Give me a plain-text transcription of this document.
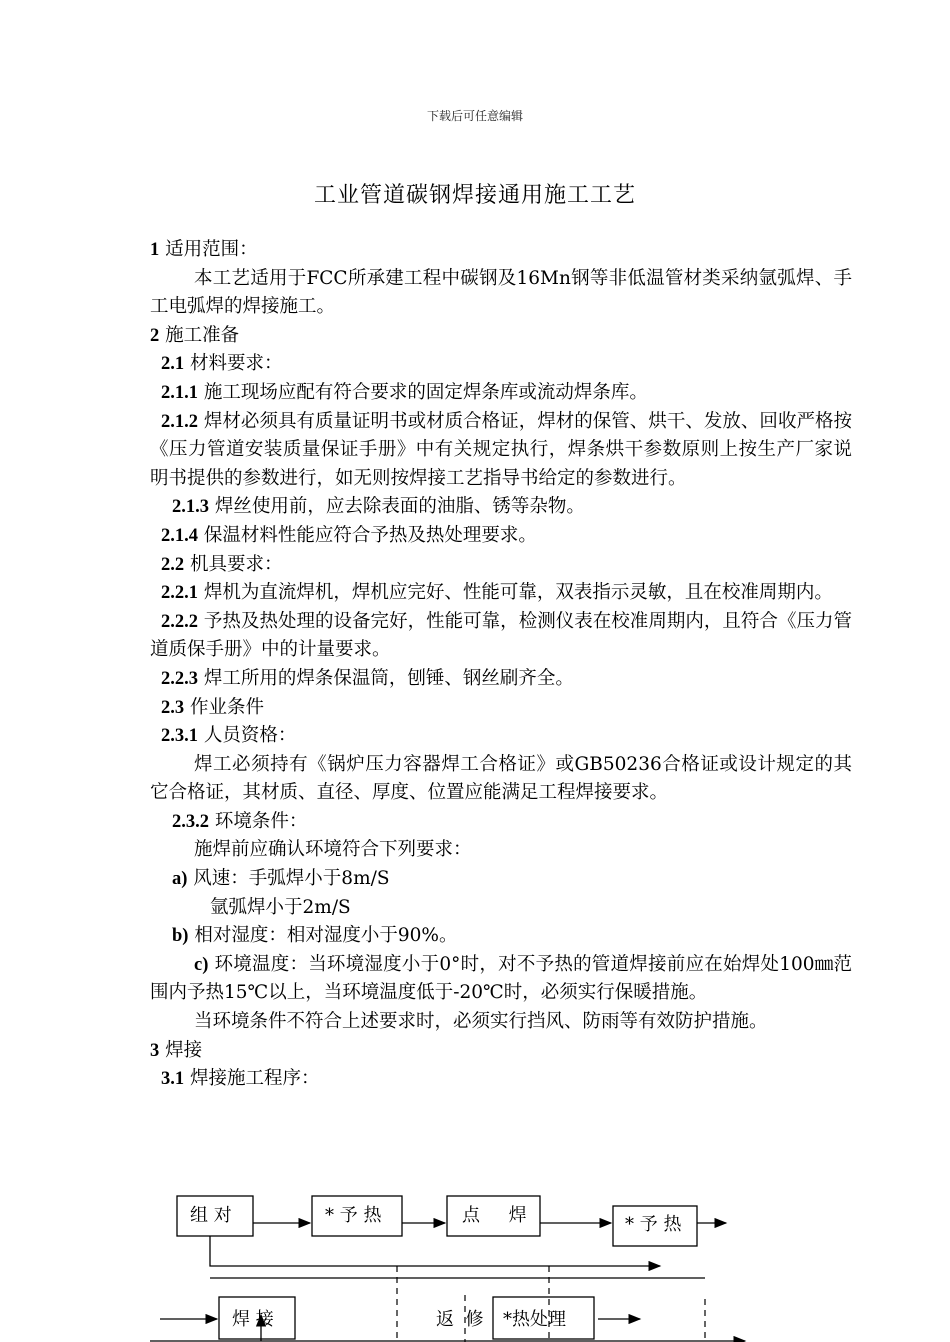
下载后可任意编辑
工业管道碳钢焊接通用施工工艺

1 适用范围：

本工艺适用于FCC所承建工程中碳钢及16Mn钢等非低温管材类采纳氩弧焊、手工电弧焊的焊接施工。

2 施工准备

2.1 材料要求：

2.1.1 施工现场应配有符合要求的固定焊条库或流动焊条库。

2.1.2 焊材必须具有质量证明书或材质合格证，焊材的保管、烘干、发放、回收严格按《压力管道安装质量保证手册》中有关规定执行，焊条烘干参数原则上按生产厂家说明书提供的参数进行，如无则按焊接工艺指导书给定的参数进行。

2.1.3 焊丝使用前，应去除表面的油脂、锈等杂物。

2.1.4 保温材料性能应符合予热及热处理要求。

2.2 机具要求：

2.2.1 焊机为直流焊机，焊机应完好、性能可靠，双表指示灵敏，且在校准周期内。

2.2.2 予热及热处理的设备完好，性能可靠，检测仪表在校准周期内，且符合《压力管道质保手册》中的计量要求。

2.2.3 焊工所用的焊条保温筒，刨锤、钢丝刷齐全。

2.3 作业条件

2.3.1 人员资格：

焊工必须持有《锅炉压力容器焊工合格证》或GB50236合格证或设计规定的其它合格证，其材质、直径、厚度、位置应能满足工程焊接要求。

2.3.2 环境条件：

施焊前应确认环境符合下列要求：

a) 风速：手弧焊小于8m/S

氩弧焊小于2m/S

b) 相对湿度：相对湿度小于90%。

c) 环境温度：当环境湿度小于0°时，对不予热的管道焊接前应在始焊处100㎜范围内予热15℃以上，当环境温度低于-20℃时，必须实行保暖措施。

当环境条件不符合上述要求时，必须实行挡风、防雨等有效防护措施。

3 焊接

3.1 焊接施工程序：

组 对	* 予 热	点     焊	* 予 热
焊 接	返  修 *热处理
